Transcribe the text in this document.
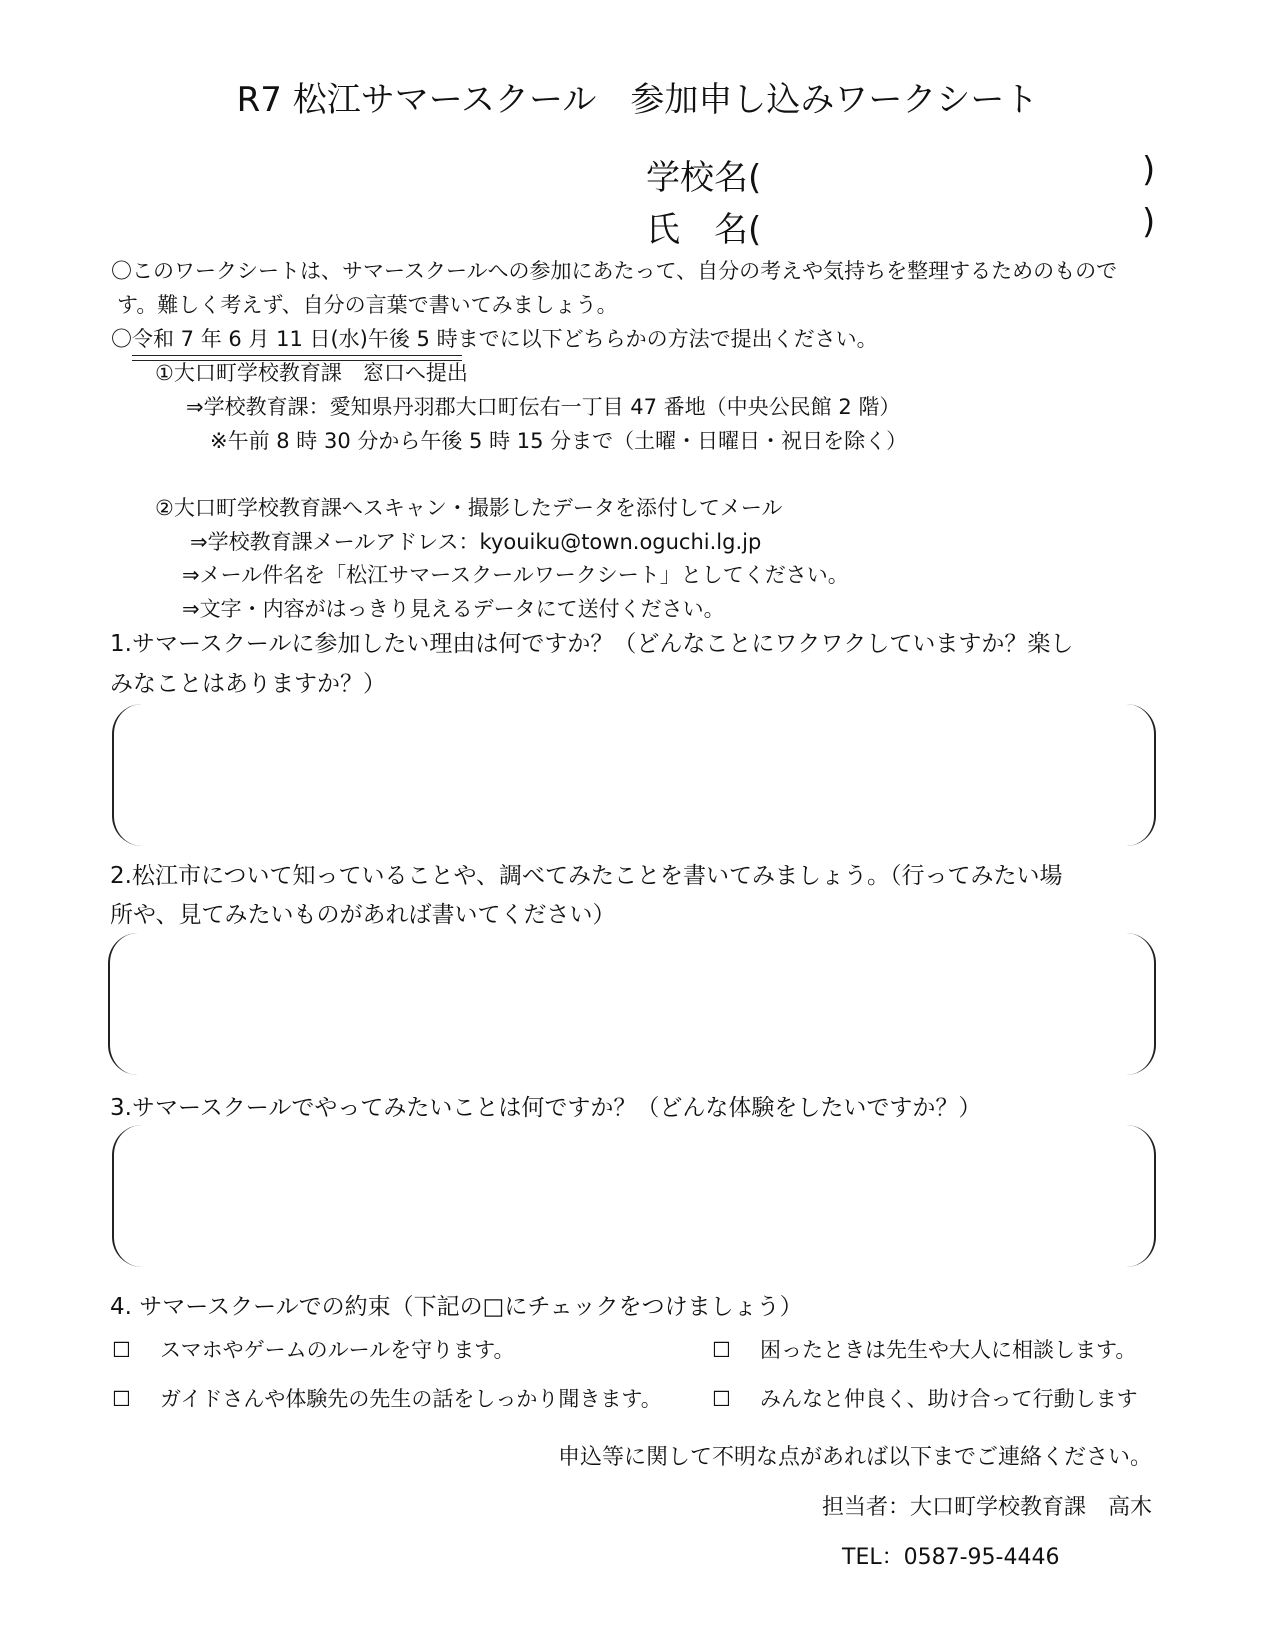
R7 松江サマースクール　参加申し込みワークシート
学校名(	)
氏　名(	)
〇このワークシートは、サマースクールへの参加にあたって、自分の考えや気持ちを整理するためのもので
す。難しく考えず、自分の言葉で書いてみましょう。
〇令和 7 年 6 月 11 日(水)午後 5 時までに以下どちらかの方法で提出ください。
①大口町学校教育課　窓口へ提出
⇒学校教育課：愛知県丹羽郡大口町伝右一丁目 47 番地（中央公民館 2 階）
※午前 8 時 30 分から午後 5 時 15 分まで（土曜・日曜日・祝日を除く）
②大口町学校教育課へスキャン・撮影したデータを添付してメール
⇒学校教育課メールアドレス：kyouiku@town.oguchi.lg.jp
⇒メール件名を「松江サマースクールワークシート」としてください。
⇒文字・内容がはっきり見えるデータにて送付ください。
1.サマースクールに参加したい理由は何ですか？（どんなことにワクワクしていますか？楽し
みなことはありますか？）
2.松江市について知っていることや、調べてみたことを書いてみましょう。（行ってみたい場
所や、見てみたいものがあれば書いてください）
3.サマースクールでやってみたいことは何ですか？（どんな体験をしたいですか？）
4. サマースクールでの約束（下記の□にチェックをつけましょう）
☐ スマホやゲームのルールを守ります。	☐ 困ったときは先生や大人に相談します。
☐ ガイドさんや体験先の先生の話をしっかり聞きます。 ☐ みんなと仲良く、助け合って行動します
申込等に関して不明な点があれば以下までご連絡ください。
担当者：大口町学校教育課　高木
TEL：0587-95-4446
